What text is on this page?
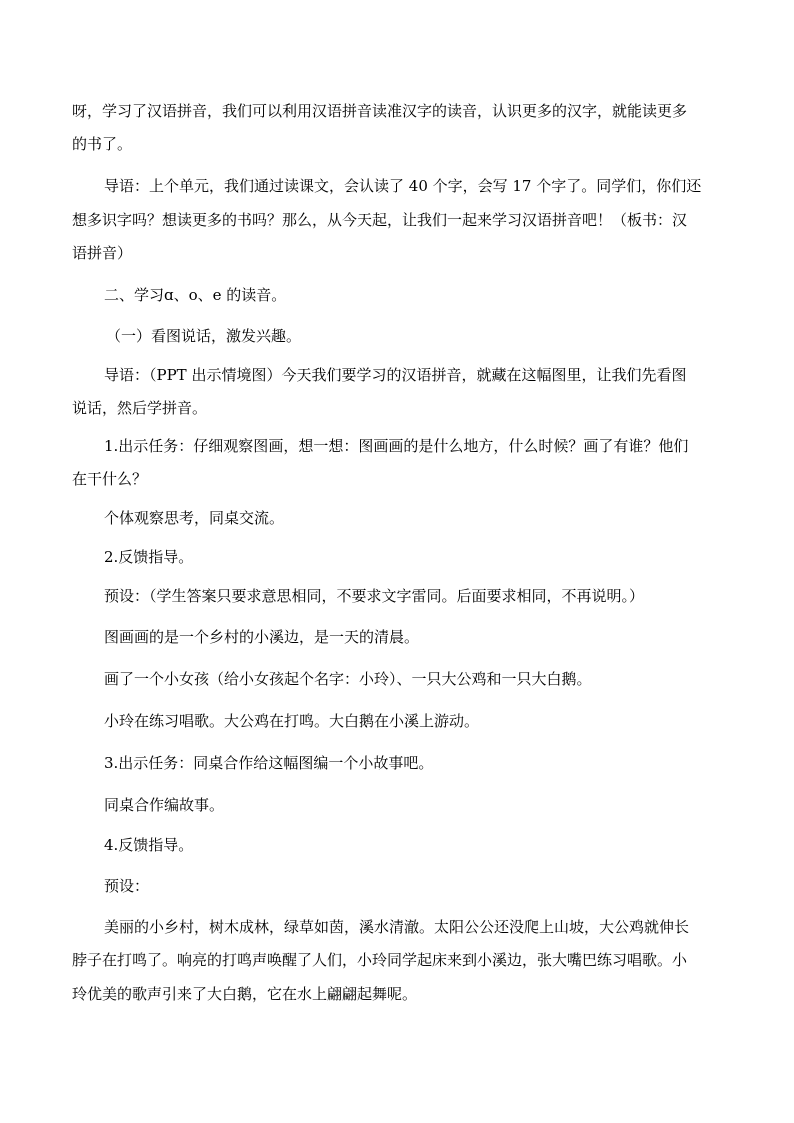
呀，学习了汉语拼音，我们可以利用汉语拼音读准汉字的读音，认识更多的汉字，就能读更多
的书了。
导语：上个单元，我们通过读课文，会认读了 40 个字，会写 17 个字了。同学们，你们还
想多识字吗？想读更多的书吗？那么，从今天起，让我们一起来学习汉语拼音吧！（板书：汉
语拼音）
二、学习ɑ、o、e 的读音。
（一）看图说话，激发兴趣。
导语：（PPT 出示情境图）今天我们要学习的汉语拼音，就藏在这幅图里，让我们先看图
说话，然后学拼音。
1.出示任务：仔细观察图画，想一想：图画画的是什么地方，什么时候？画了有谁？他们
在干什么？
个体观察思考，同桌交流。
2.反馈指导。
预设：（学生答案只要求意思相同，不要求文字雷同。后面要求相同，不再说明。）
图画画的是一个乡村的小溪边，是一天的清晨。
画了一个小女孩（给小女孩起个名字：小玲）、一只大公鸡和一只大白鹅。
小玲在练习唱歌。大公鸡在打鸣。大白鹅在小溪上游动。
3.出示任务：同桌合作给这幅图编一个小故事吧。
同桌合作编故事。
4.反馈指导。
预设：
美丽的小乡村，树木成林，绿草如茵，溪水清澈。太阳公公还没爬上山坡，大公鸡就伸长
脖子在打鸣了。响亮的打鸣声唤醒了人们，小玲同学起床来到小溪边，张大嘴巴练习唱歌。小
玲优美的歌声引来了大白鹅，它在水上翩翩起舞呢。
